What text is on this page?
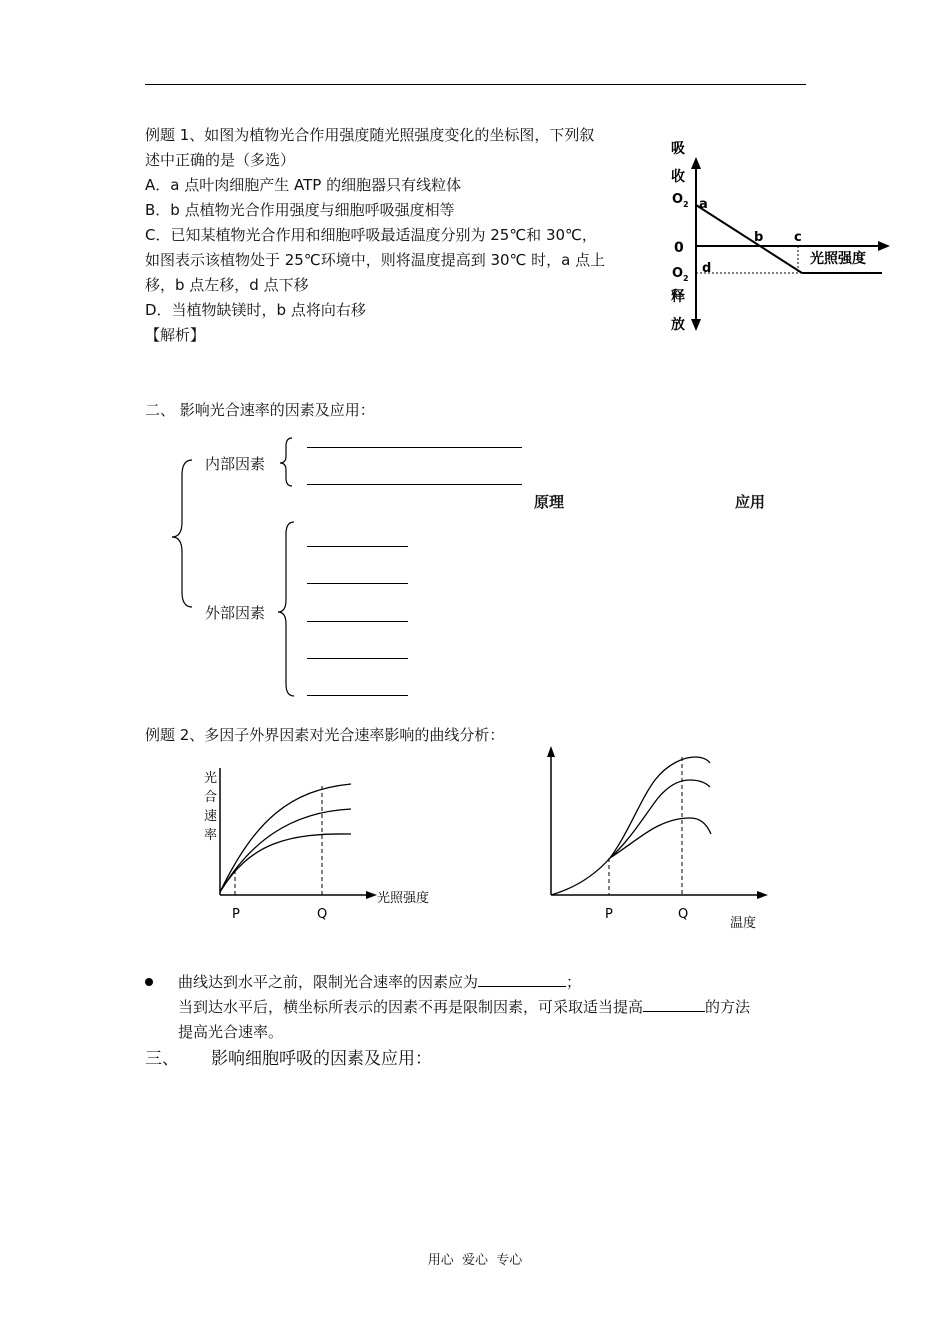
例题 1、如图为植物光合作用强度随光照强度变化的坐标图，下列叙
述中正确的是（多选）
A．a 点叶肉细胞产生 ATP 的细胞器只有线粒体
B．b 点植物光合作用强度与细胞呼吸强度相等
C．已知某植物光合作用和细胞呼吸最适温度分别为 25℃和 30℃，
如图表示该植物处于 25℃环境中，则将温度提高到 30℃ 时，a 点上
移，b 点左移，d 点下移
D．当植物缺镁时，b 点将向右移
【解析】
吸
收
O 2
0
O 2
释
放
a
b c
d
光照强度
二、 影响光合速率的因素及应用：
内部因素
外部因素
原理	应用
例题 2、多因子外界因素对光合速率影响的曲线分析：
光
合
速
率
光照强度
P	Q	P	Q
温度
曲线达到水平之前，限制光合速率的因素应为	；
当到达水平后，横坐标所表示的因素不再是限制因素，可采取适当提高	的方法
提高光合速率。
三、 影响细胞呼吸的因素及应用：
用心  爱心  专心
